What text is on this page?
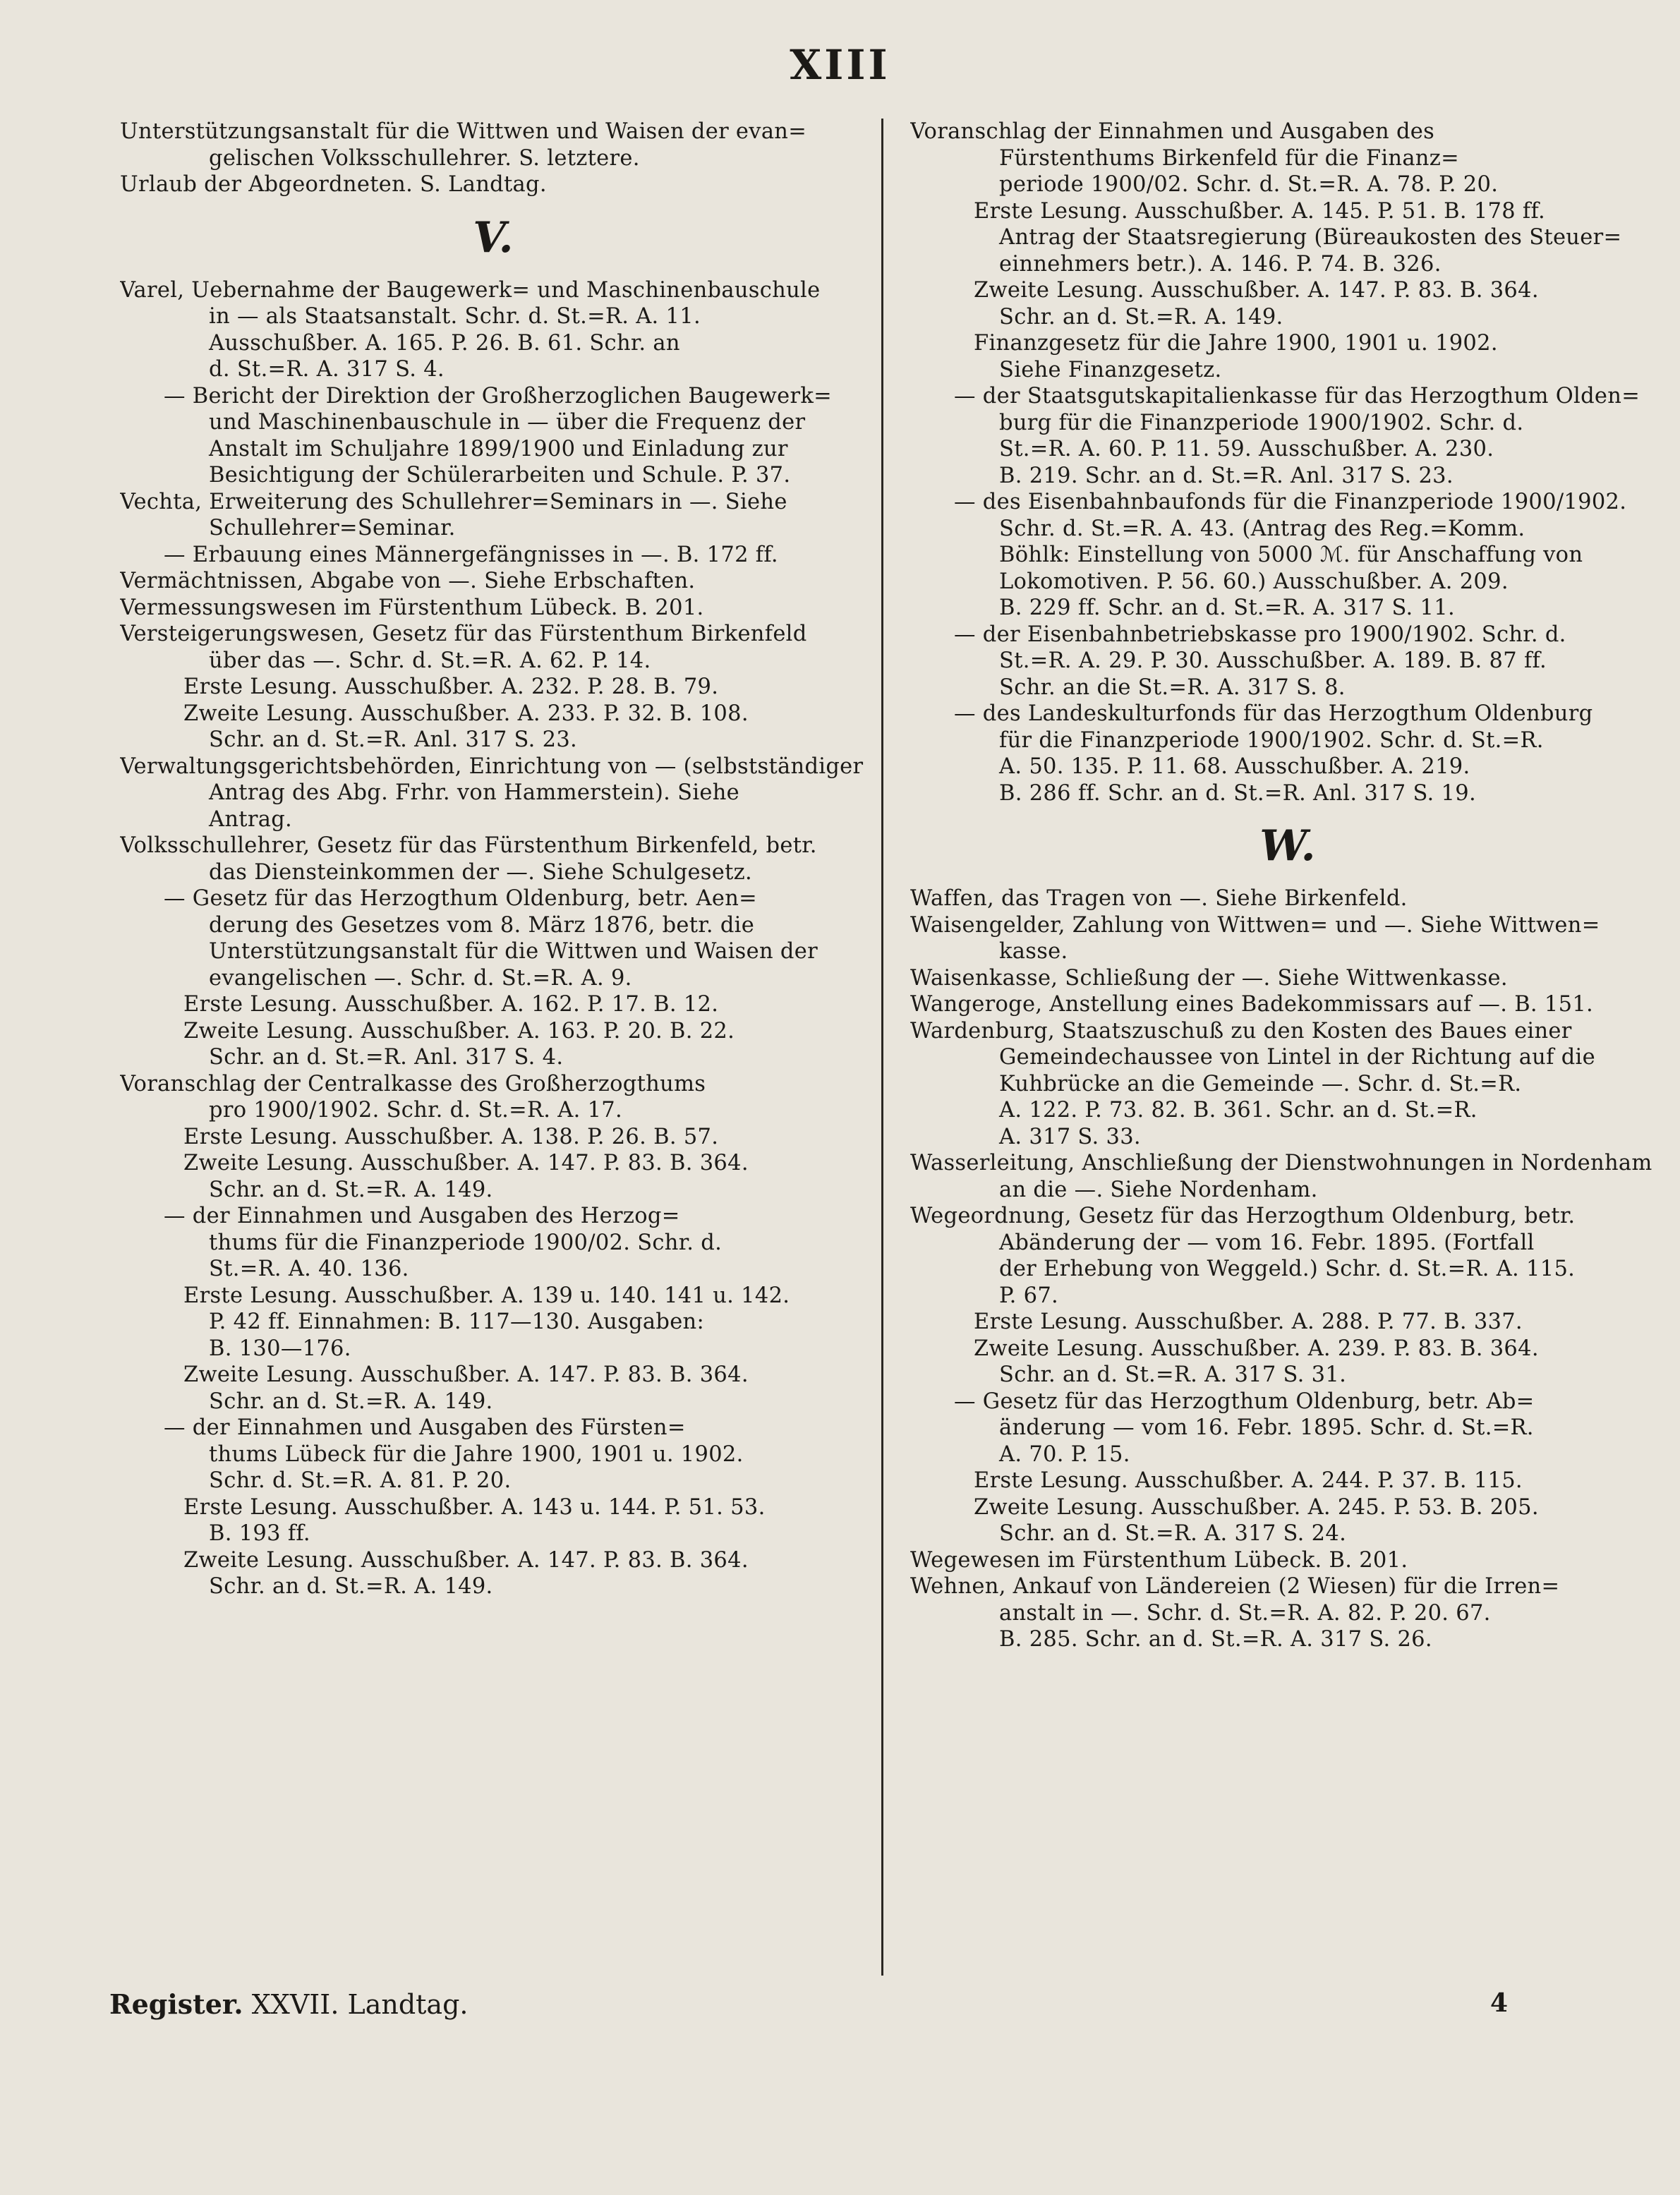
XIII
Unterstützungsanstalt für die Wittwen und Waisen der evan=
gelischen Volksschullehrer. S. letztere.
Urlaub der Abgeordneten. S. Landtag.
V.
Varel, Uebernahme der Baugewerk= und Maschinenbauschule
in — als Staatsanstalt. Schr. d. St.=R. A. 11.
Ausschußber. A. 165. P. 26. B. 61. Schr. an
d. St.=R. A. 317 S. 4.
— Bericht der Direktion der Großherzoglichen Baugewerk=
und Maschinenbauschule in — über die Frequenz der
Anstalt im Schuljahre 1899/1900 und Einladung zur
Besichtigung der Schülerarbeiten und Schule. P. 37.
Vechta, Erweiterung des Schullehrer=Seminars in —. Siehe
Schullehrer=Seminar.
— Erbauung eines Männergefängnisses in —. B. 172 ff.
Vermächtnissen, Abgabe von —. Siehe Erbschaften.
Vermessungswesen im Fürstenthum Lübeck. B. 201.
Versteigerungswesen, Gesetz für das Fürstenthum Birkenfeld
über das —. Schr. d. St.=R. A. 62. P. 14.
Erste Lesung. Ausschußber. A. 232. P. 28. B. 79.
Zweite Lesung. Ausschußber. A. 233. P. 32. B. 108.
Schr. an d. St.=R. Anl. 317 S. 23.
Verwaltungsgerichtsbehörden, Einrichtung von — (selbstständiger
Antrag des Abg. Frhr. von Hammerstein). Siehe
Antrag.
Volksschullehrer, Gesetz für das Fürstenthum Birkenfeld, betr.
das Diensteinkommen der —. Siehe Schulgesetz.
— Gesetz für das Herzogthum Oldenburg, betr. Aen=
derung des Gesetzes vom 8. März 1876, betr. die
Unterstützungsanstalt für die Wittwen und Waisen der
evangelischen —. Schr. d. St.=R. A. 9.
Erste Lesung. Ausschußber. A. 162. P. 17. B. 12.
Zweite Lesung. Ausschußber. A. 163. P. 20. B. 22.
Schr. an d. St.=R. Anl. 317 S. 4.
Voranschlag der Centralkasse des Großherzogthums
pro 1900/1902. Schr. d. St.=R. A. 17.
Erste Lesung. Ausschußber. A. 138. P. 26. B. 57.
Zweite Lesung. Ausschußber. A. 147. P. 83. B. 364.
Schr. an d. St.=R. A. 149.
— der Einnahmen und Ausgaben des Herzog=
thums für die Finanzperiode 1900/02. Schr. d.
St.=R. A. 40. 136.
Erste Lesung. Ausschußber. A. 139 u. 140. 141 u. 142.
P. 42 ff. Einnahmen: B. 117—130. Ausgaben:
B. 130—176.
Zweite Lesung. Ausschußber. A. 147. P. 83. B. 364.
Schr. an d. St.=R. A. 149.
— der Einnahmen und Ausgaben des Fürsten=
thums Lübeck für die Jahre 1900, 1901 u. 1902.
Schr. d. St.=R. A. 81. P. 20.
Erste Lesung. Ausschußber. A. 143 u. 144. P. 51. 53.
B. 193 ff.
Zweite Lesung. Ausschußber. A. 147. P. 83. B. 364.
Schr. an d. St.=R. A. 149.
Voranschlag der Einnahmen und Ausgaben des
Fürstenthums Birkenfeld für die Finanz=
periode 1900/02. Schr. d. St.=R. A. 78. P. 20.
Erste Lesung. Ausschußber. A. 145. P. 51. B. 178 ff.
Antrag der Staatsregierung (Büreaukosten des Steuer=
einnehmers betr.). A. 146. P. 74. B. 326.
Zweite Lesung. Ausschußber. A. 147. P. 83. B. 364.
Schr. an d. St.=R. A. 149.
Finanzgesetz für die Jahre 1900, 1901 u. 1902.
Siehe Finanzgesetz.
— der Staatsgutskapitalienkasse für das Herzogthum Olden=
burg für die Finanzperiode 1900/1902. Schr. d.
St.=R. A. 60. P. 11. 59. Ausschußber. A. 230.
B. 219. Schr. an d. St.=R. Anl. 317 S. 23.
— des Eisenbahnbaufonds für die Finanzperiode 1900/1902.
Schr. d. St.=R. A. 43. (Antrag des Reg.=Komm.
Böhlk: Einstellung von 5000 ℳ. für Anschaffung von
Lokomotiven. P. 56. 60.) Ausschußber. A. 209.
B. 229 ff. Schr. an d. St.=R. A. 317 S. 11.
— der Eisenbahnbetriebskasse pro 1900/1902. Schr. d.
St.=R. A. 29. P. 30. Ausschußber. A. 189. B. 87 ff.
Schr. an die St.=R. A. 317 S. 8.
— des Landeskulturfonds für das Herzogthum Oldenburg
für die Finanzperiode 1900/1902. Schr. d. St.=R.
A. 50. 135. P. 11. 68. Ausschußber. A. 219.
B. 286 ff. Schr. an d. St.=R. Anl. 317 S. 19.
W.
Waffen, das Tragen von —. Siehe Birkenfeld.
Waisengelder, Zahlung von Wittwen= und —. Siehe Wittwen=
kasse.
Waisenkasse, Schließung der —. Siehe Wittwenkasse.
Wangeroge, Anstellung eines Badekommissars auf —. B. 151.
Wardenburg, Staatszuschuß zu den Kosten des Baues einer
Gemeindechaussee von Lintel in der Richtung auf die
Kuhbrücke an die Gemeinde —. Schr. d. St.=R.
A. 122. P. 73. 82. B. 361. Schr. an d. St.=R.
A. 317 S. 33.
Wasserleitung, Anschließung der Dienstwohnungen in Nordenham
an die —. Siehe Nordenham.
Wegeordnung, Gesetz für das Herzogthum Oldenburg, betr.
Abänderung der — vom 16. Febr. 1895. (Fortfall
der Erhebung von Weggeld.) Schr. d. St.=R. A. 115.
P. 67.
Erste Lesung. Ausschußber. A. 288. P. 77. B. 337.
Zweite Lesung. Ausschußber. A. 239. P. 83. B. 364.
Schr. an d. St.=R. A. 317 S. 31.
— Gesetz für das Herzogthum Oldenburg, betr. Ab=
änderung — vom 16. Febr. 1895. Schr. d. St.=R.
A. 70. P. 15.
Erste Lesung. Ausschußber. A. 244. P. 37. B. 115.
Zweite Lesung. Ausschußber. A. 245. P. 53. B. 205.
Schr. an d. St.=R. A. 317 S. 24.
Wegewesen im Fürstenthum Lübeck. B. 201.
Wehnen, Ankauf von Ländereien (2 Wiesen) für die Irren=
anstalt in —. Schr. d. St.=R. A. 82. P. 20. 67.
B. 285. Schr. an d. St.=R. A. 317 S. 26.
Register. XXVII. Landtag.	4
